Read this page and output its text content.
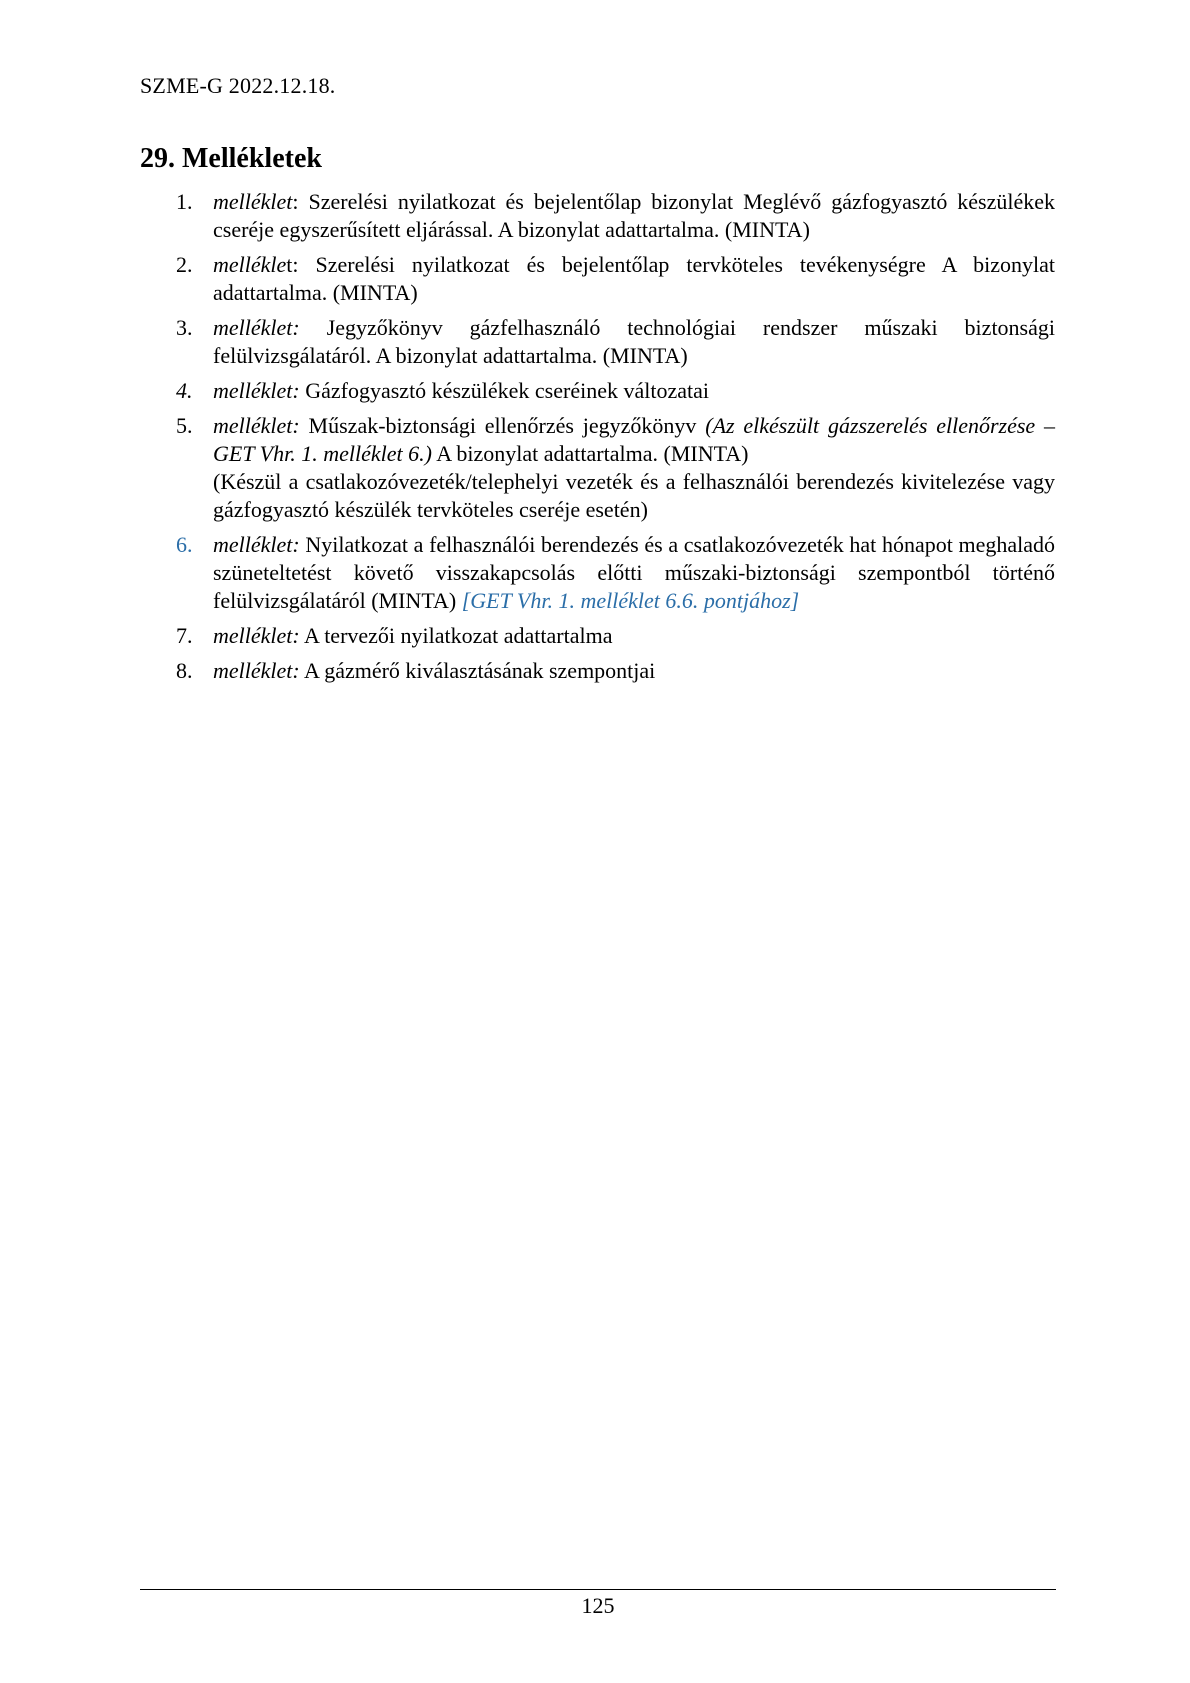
SZME-G 2022.12.18.
29. Mellékletek
1. melléklet: Szerelési nyilatkozat és bejelentőlap bizonylat Meglévő gázfogyasztó készülékek cseréje egyszerűsített eljárással. A bizonylat adattartalma. (MINTA)
2. melléklet: Szerelési nyilatkozat és bejelentőlap tervköteles tevékenységre A bizonylat adattartalma. (MINTA)
3. melléklet: Jegyzőkönyv gázfelhasználó technológiai rendszer műszaki biztonsági felülvizsgálatáról. A bizonylat adattartalma. (MINTA)
4. melléklet: Gázfogyasztó készülékek cseréinek változatai
5. melléklet: Műszak-biztonsági ellenőrzés jegyzőkönyv (Az elkészült gázszerelés ellenőrzése – GET Vhr. 1. melléklet 6.) A bizonylat adattartalma. (MINTA)
(Készül a csatlakozóvezeték/telephelyi vezeték és a felhasználói berendezés kivitelezése vagy gázfogyasztó készülék tervköteles cseréje esetén)
6. melléklet: Nyilatkozat a felhasználói berendezés és a csatlakozóvezeték hat hónapot meghaladó szüneteltetést követő visszakapcsolás előtti műszaki-biztonsági szempontból történő felülvizsgálatáról (MINTA) [GET Vhr. 1. melléklet 6.6. pontjához]
7. melléklet: A tervezői nyilatkozat adattartalma
8. melléklet: A gázmérő kiválasztásának szempontjai
125
